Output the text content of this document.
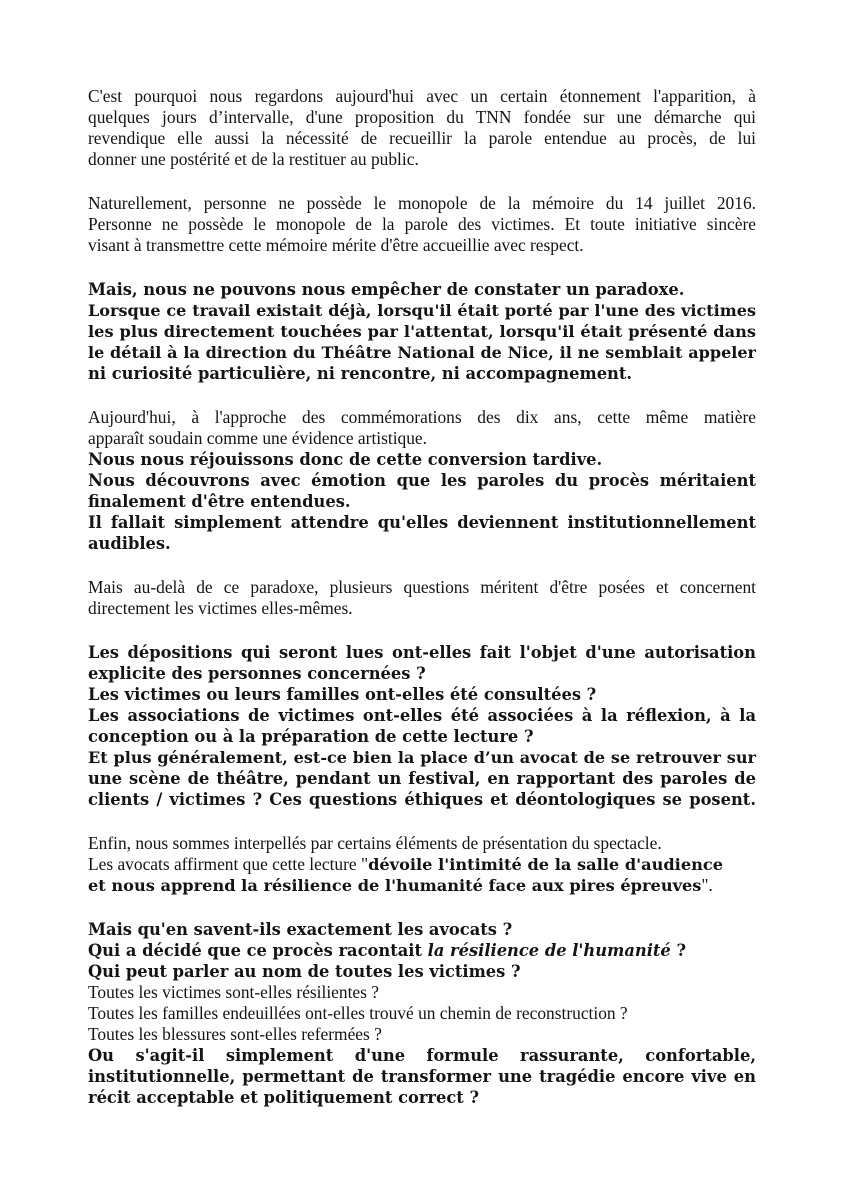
C'est pourquoi nous regardons aujourd'hui avec un certain étonnement l'apparition, à
quelques jours d’intervalle, d'une proposition du TNN fondée sur une démarche qui
revendique elle aussi la nécessité de recueillir la parole entendue au procès, de lui
donner une postérité et de la restituer au public.
Naturellement, personne ne possède le monopole de la mémoire du 14 juillet 2016.
Personne ne possède le monopole de la parole des victimes. Et toute initiative sincère
visant à transmettre cette mémoire mérite d'être accueillie avec respect.
Mais, nous ne pouvons nous empêcher de constater un paradoxe.
Lorsque ce travail existait déjà, lorsqu'il était porté par l'une des victimes
les plus directement touchées par l'attentat, lorsqu'il était présenté dans
le détail à la direction du Théâtre National de Nice, il ne semblait appeler
ni curiosité particulière, ni rencontre, ni accompagnement.
Aujourd'hui, à l'approche des commémorations des dix ans, cette même matière
apparaît soudain comme une évidence artistique.
Nous nous réjouissons donc de cette conversion tardive.
Nous découvrons avec émotion que les paroles du procès méritaient
finalement d'être entendues.
Il fallait simplement attendre qu'elles deviennent institutionnellement
audibles.
Mais au-delà de ce paradoxe, plusieurs questions méritent d'être posées et concernent
directement les victimes elles-mêmes.
Les dépositions qui seront lues ont-elles fait l'objet d'une autorisation
explicite des personnes concernées ?
Les victimes ou leurs familles ont-elles été consultées ?
Les associations de victimes ont-elles été associées à la réflexion, à la
conception ou à la préparation de cette lecture ?
Et plus généralement, est-ce bien la place d’un avocat de se retrouver sur
une scène de théâtre, pendant un festival, en rapportant des paroles de
clients / victimes ? Ces questions éthiques et déontologiques se posent.
Enfin, nous sommes interpellés par certains éléments de présentation du spectacle.
Les avocats affirment que cette lecture "dévoile l'intimité de la salle d'audience
et nous apprend la résilience de l'humanité face aux pires épreuves".
Mais qu'en savent-ils exactement les avocats ?
Qui a décidé que ce procès racontait la résilience de l'humanité ?
Qui peut parler au nom de toutes les victimes ?
Toutes les victimes sont-elles résilientes ?
Toutes les familles endeuillées ont-elles trouvé un chemin de reconstruction ?
Toutes les blessures sont-elles refermées ?
Ou s'agit-il simplement d'une formule rassurante, confortable,
institutionnelle, permettant de transformer une tragédie encore vive en
récit acceptable et politiquement correct ?
